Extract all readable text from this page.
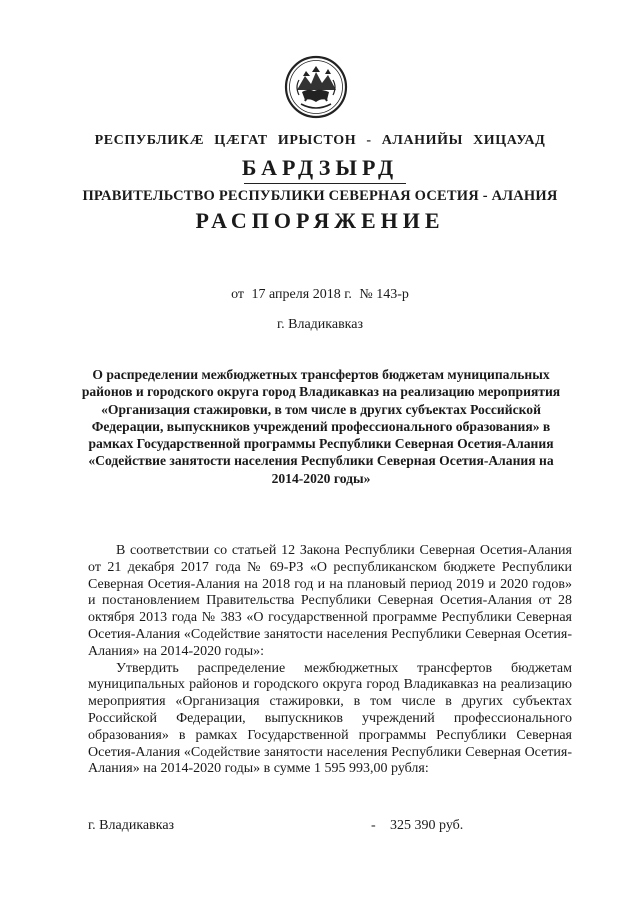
РЕСПУБЛИКÆ ЦÆГАТ ИРЫСТОН - АЛАНИЙЫ ХИЦАУАД
БАРДЗЫРД
ПРАВИТЕЛЬСТВО РЕСПУБЛИКИ СЕВЕРНАЯ ОСЕТИЯ - АЛАНИЯ
РАСПОРЯЖЕНИЕ
от 17 апреля 2018 г. № 143-р
г. Владикавказ
О распределении межбюджетных трансфертов бюджетам муниципальных районов и городского округа город Владикавказ на реализацию мероприятия «Организация стажировки, в том числе в других субъектах Российской Федерации, выпускников учреждений профессионального образования» в рамках Государственной программы Республики Северная Осетия-Алания «Содействие занятости населения Республики Северная Осетия-Алания на 2014-2020 годы»

В соответствии со статьей 12 Закона Республики Северная Осетия-Алания от 21 декабря 2017 года № 69-РЗ «О республиканском бюджете Республики Северная Осетия-Алания на 2018 год и на плановый период 2019 и 2020 годов» и постановлением Правительства Республики Северная Осетия-Алания от 28 октября 2013 года № 383 «О государственной программе Республики Северная Осетия-Алания «Содействие занятости населения Республики Северная Осетия-Алания» на 2014-2020 годы»:

Утвердить распределение межбюджетных трансфертов бюджетам муниципальных районов и городского округа город Владикавказ на реализацию мероприятия «Организация стажировки, в том числе в других субъектах Российской Федерации, выпускников учреждений профессионального образования» в рамках Государственной программы Республики Северная Осетия-Алания «Содействие занятости населения Республики Северная Осетия-Алания» на 2014-2020 годы» в сумме 1 595 993,00 рубля:

г. Владикавказ	- 325 390 руб.
